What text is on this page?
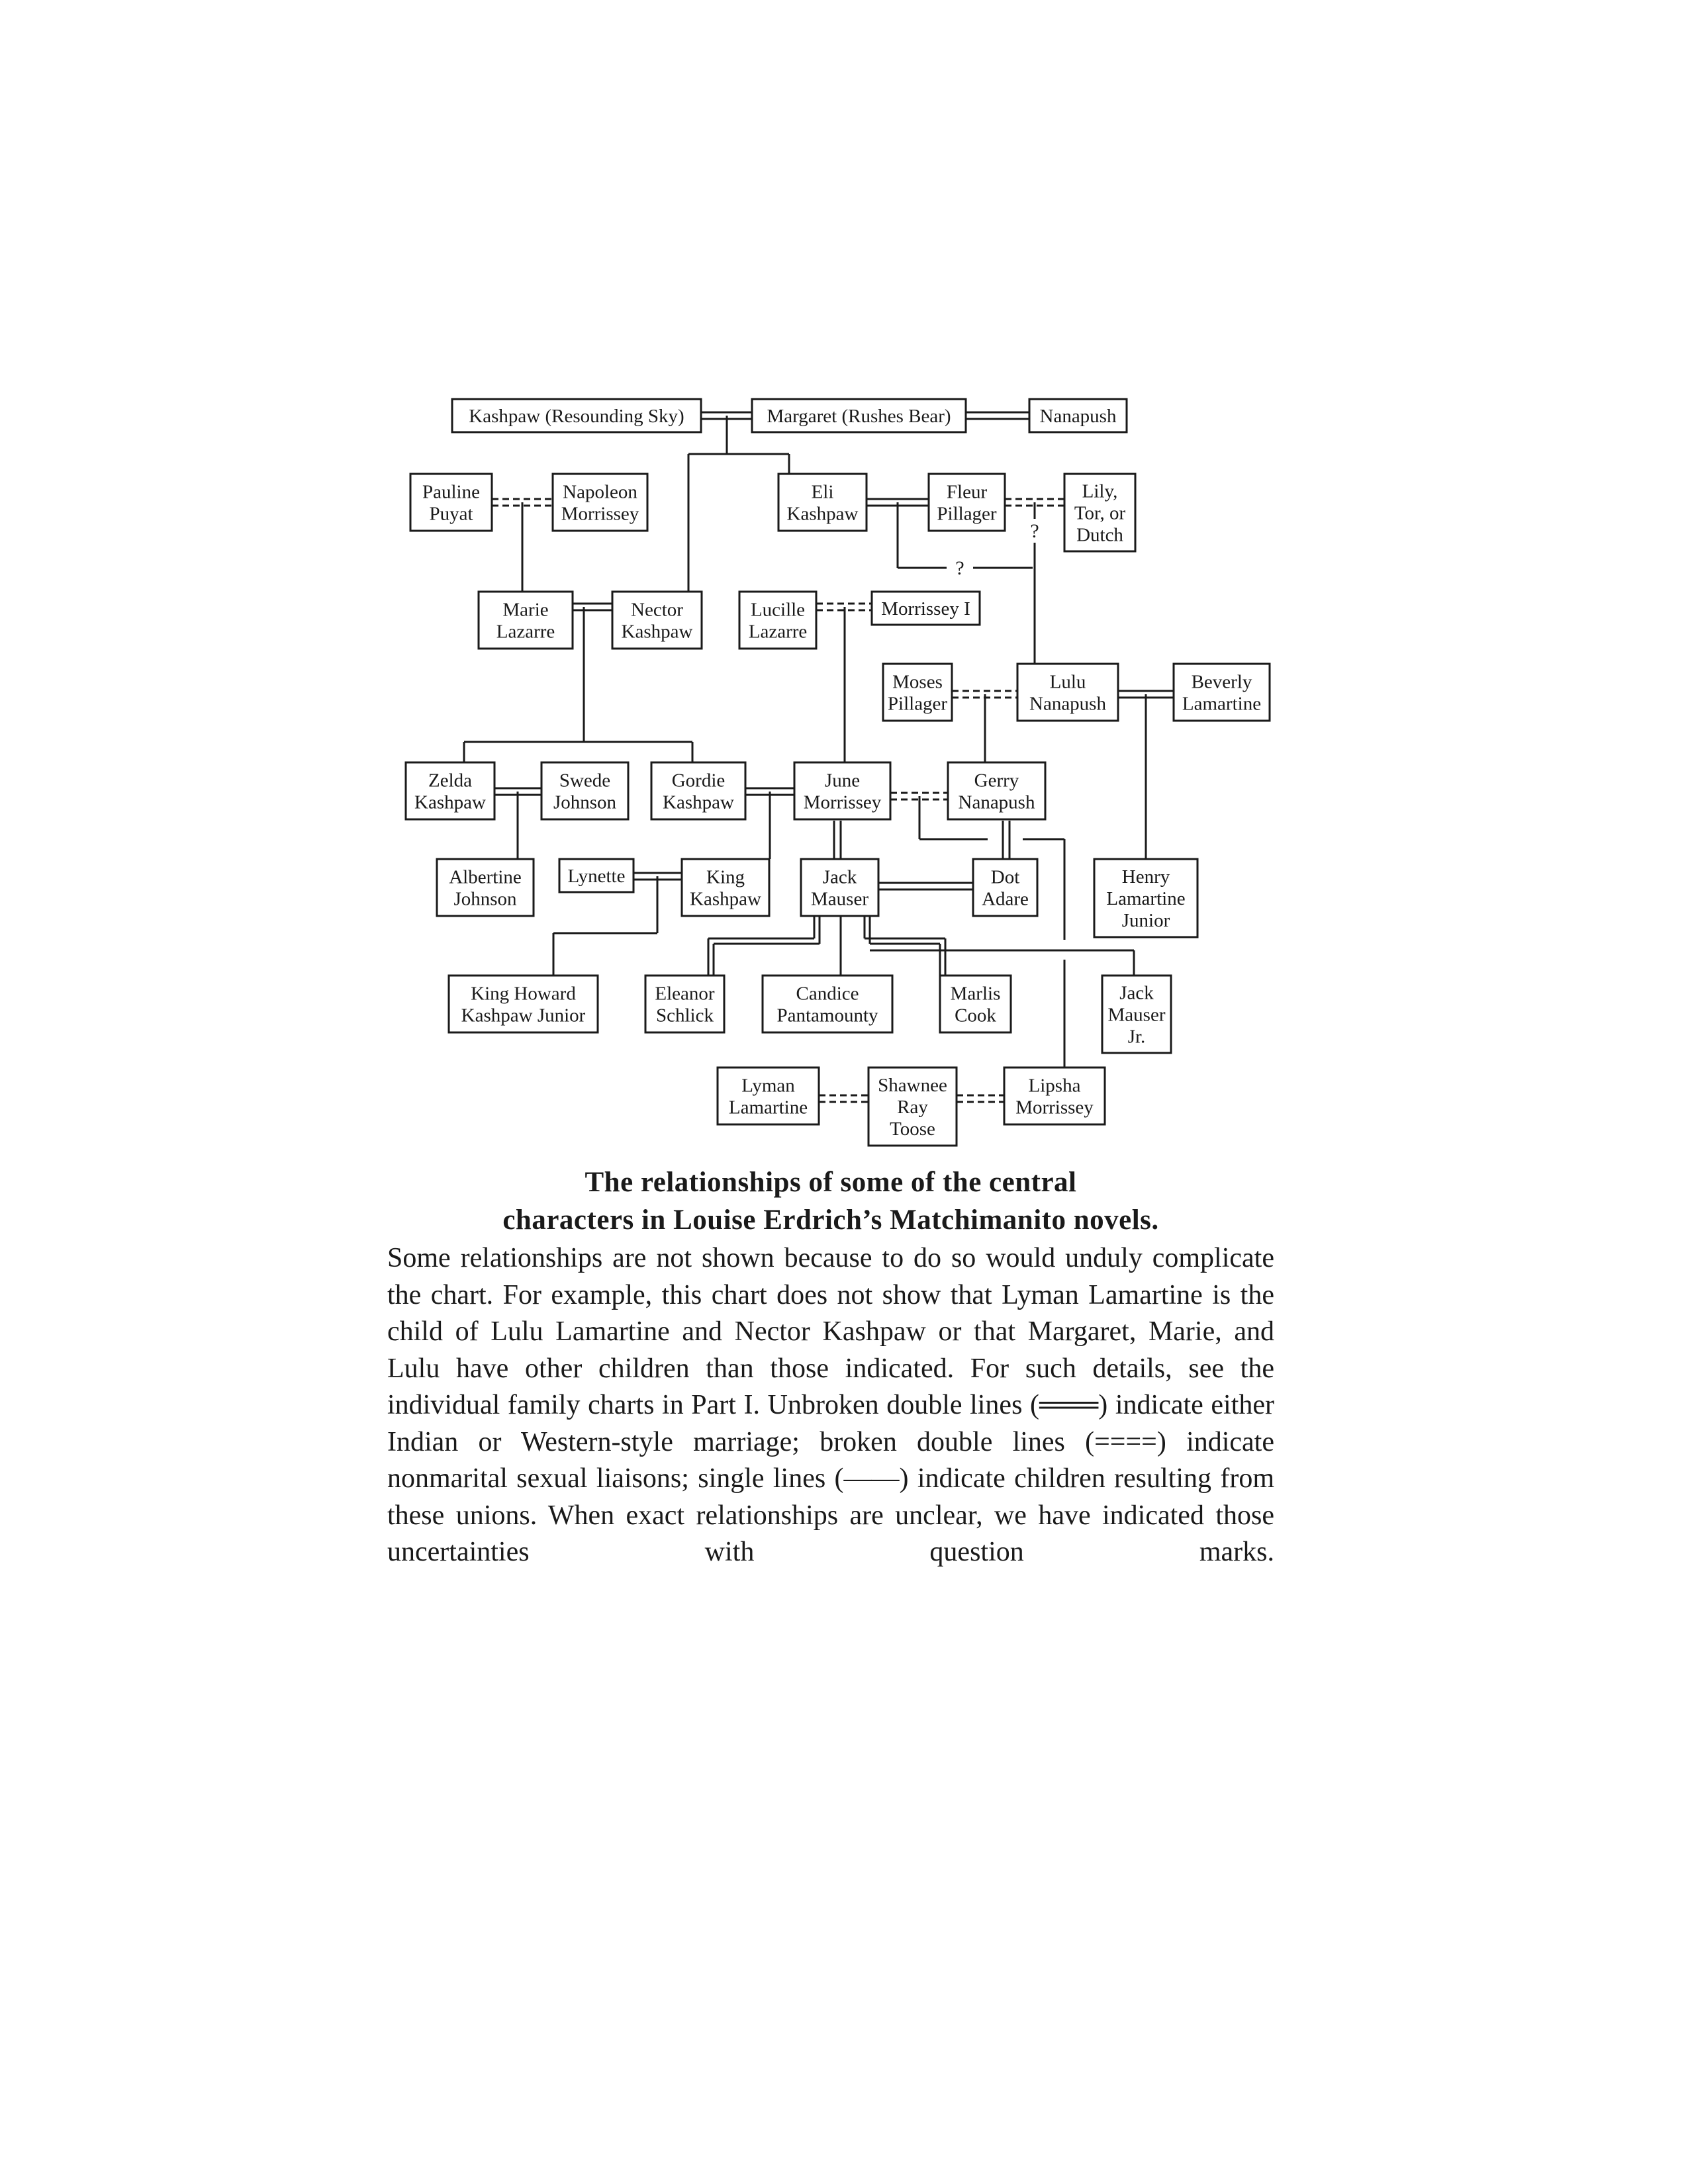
?
?
Kashpaw (Resounding Sky)	Margaret (Rushes Bear)	Nanapush
Pauline
Puyat
Napoleon
Morrissey
Eli
Kashpaw
Fleur
Pillager
Lily,
Tor, or
Dutch
Marie
Lazarre
Nector
Kashpaw
Lucille
Lazarre
Morrissey I
Moses
Pillager
Lulu
Nanapush
Beverly
Lamartine
Zelda
Kashpaw
Swede
Johnson
Gordie
Kashpaw
June
Morrissey
Gerry
Nanapush
Albertine
Johnson
Lynette	King
Kashpaw
Jack
Mauser
Dot
Adare
Henry
Lamartine
Junior
King Howard
Kashpaw Junior
Eleanor
Schlick
Candice
Pantamounty
Marlis
Cook
Jack
Mauser
Jr.
Lyman
Lamartine
Shawnee
Ray
Toose
Lipsha
Morrissey
The relationships of some of the central
characters in Louise Erdrich’s Matchimanito novels.
Some relationships are not shown because to do so would unduly complicate the chart. For example, this chart does not show that Lyman Lamartine is the child of Lulu Lamartine and Nector Kashpaw or that Margaret, Marie, and Lulu have other children than those indicated. For such details, see the individual family charts in Part I. Unbroken double lines (═══) indicate either Indian or Western-style marriage; broken double lines (====) indicate nonmarital sexual liaisons; single lines (——) indicate children resulting from these unions. When exact relationships are unclear, we have indicated those uncertainties with question marks.
